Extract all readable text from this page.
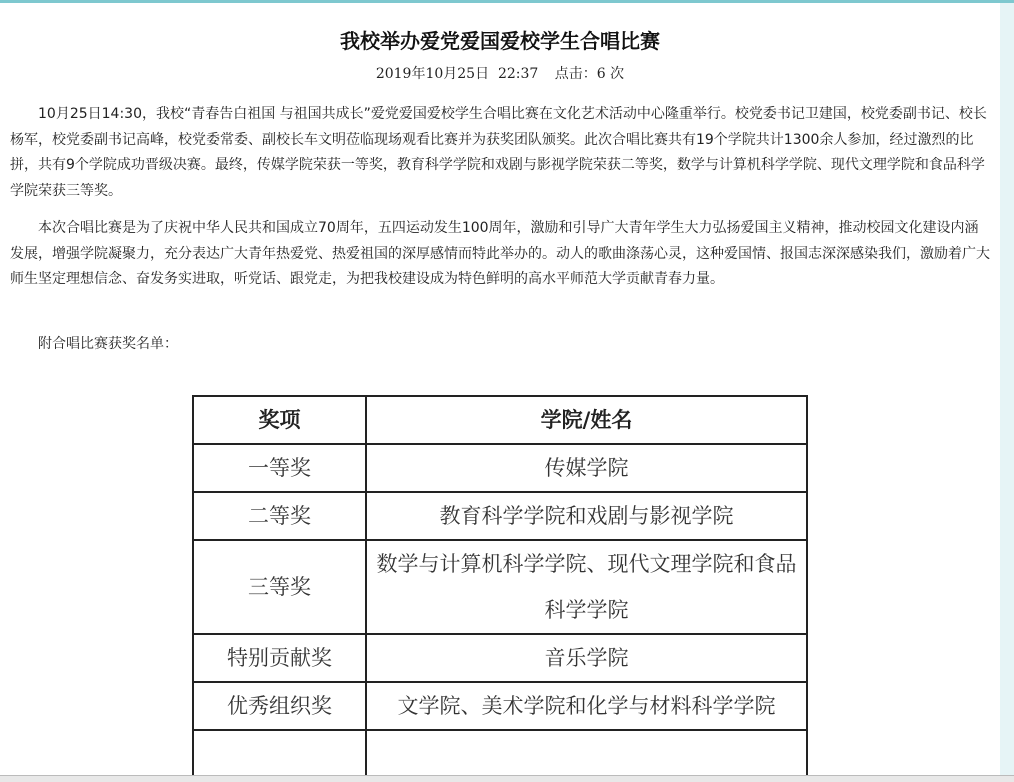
我校举办爱党爱国爱校学生合唱比赛
2019年10月25日  22:37 点击：6 次

10月25日14:30，我校“青春告白祖国 与祖国共成长”爱党爱国爱校学生合唱比赛在文化艺术活动中心隆重举行。校党委书记卫建国，校党委副书记、校长杨军，校党委副书记高峰，校党委常委、副校长车文明莅临现场观看比赛并为获奖团队颁奖。此次合唱比赛共有19个学院共计1300余人参加，经过激烈的比拼，共有9个学院成功晋级决赛。最终，传媒学院荣获一等奖，教育科学学院和戏剧与影视学院荣获二等奖，数学与计算机科学学院、现代文理学院和食品科学学院荣获三等奖。

本次合唱比赛是为了庆祝中华人民共和国成立70周年，五四运动发生100周年，激励和引导广大青年学生大力弘扬爱国主义精神，推动校园文化建设内涵发展，增强学院凝聚力，充分表达广大青年热爱党、热爱祖国的深厚感情而特此举办的。动人的歌曲涤荡心灵，这种爱国情、报国志深深感染我们，激励着广大师生坚定理想信念、奋发务实进取，听党话、跟党走，为把我校建设成为特色鲜明的高水平师范大学贡献青春力量。

附合唱比赛获奖名单：

奖项	学院/姓名
一等奖	传媒学院
二等奖	教育科学学院和戏剧与影视学院
三等奖	数学与计算机科学学院、现代文理学院和食品科学学院
特别贡献奖	音乐学院
优秀组织奖	文学院、美术学院和化学与材料科学学院
